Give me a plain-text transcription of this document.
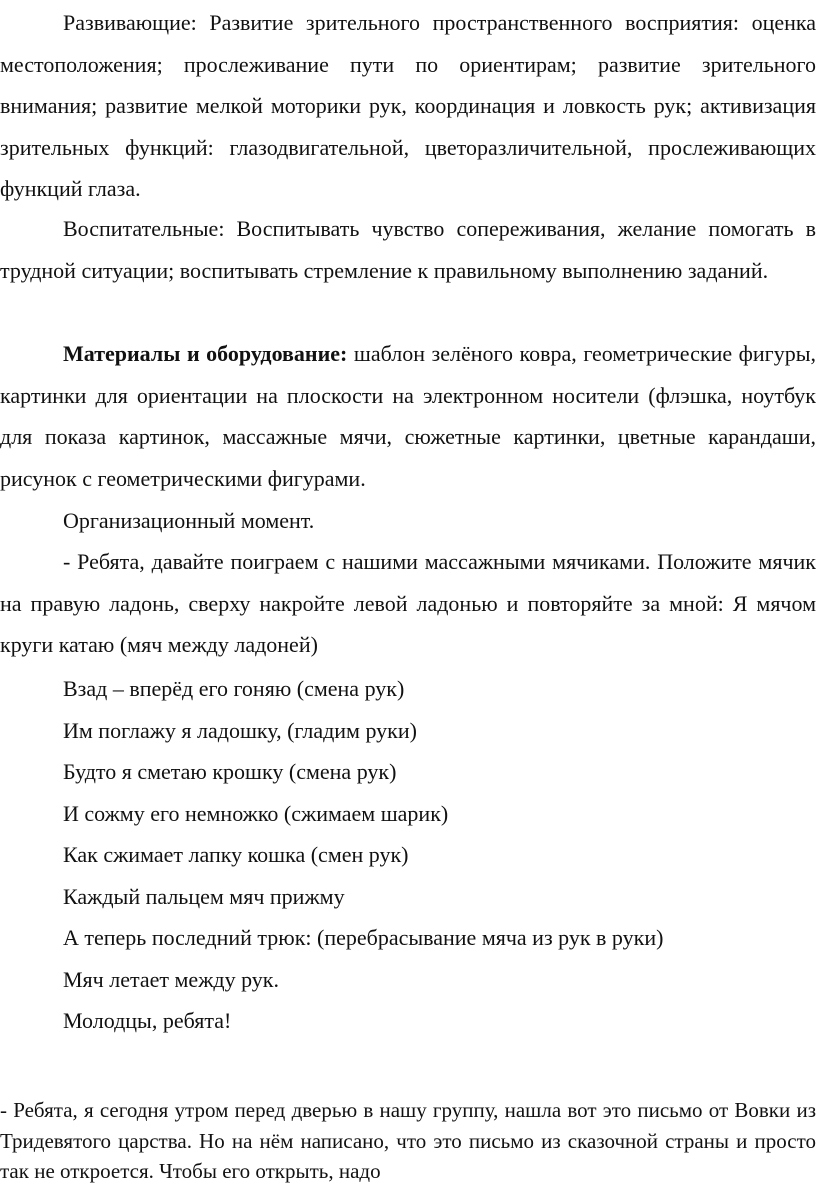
Развивающие: Развитие зрительного пространственного восприятия: оценка местоположения; прослеживание пути по ориентирам; развитие зрительного внимания; развитие мелкой моторики рук, координация и ловкость рук; активизация зрительных функций: глазодвигательной, цветоразличительной, прослеживающих функций глаза.

Воспитательные: Воспитывать чувство сопереживания, желание помогать в трудной ситуации; воспитывать стремление к правильному выполнению заданий.

Материалы и оборудование: шаблон зелёного ковра, геометрические фигуры, картинки для ориентации на плоскости на электронном носители (флэшка, ноутбук для показа картинок, массажные мячи, сюжетные картинки, цветные карандаши, рисунок с геометрическими фигурами.

Организационный момент.

- Ребята, давайте поиграем с нашими массажными мячиками. Положите мячик на правую ладонь, сверху накройте левой ладонью и повторяйте за мной: Я мячом круги катаю (мяч между ладоней)

Взад – вперёд его гоняю (смена рук)

Им поглажу я ладошку, (гладим руки)

Будто я сметаю крошку (смена рук)

И сожму его немножко (сжимаем шарик)

Как сжимает лапку кошка (смен рук)

Каждый пальцем мяч прижму

А теперь последний трюк: (перебрасывание мяча из рук в руки)

Мяч летает между рук.

Молодцы, ребята!

- Ребята, я сегодня утром перед дверью в нашу группу, нашла вот это письмо от Вовки из Тридевятого царства. Но на нём написано, что это письмо из сказочной страны и просто так не откроется. Чтобы его открыть, надо
